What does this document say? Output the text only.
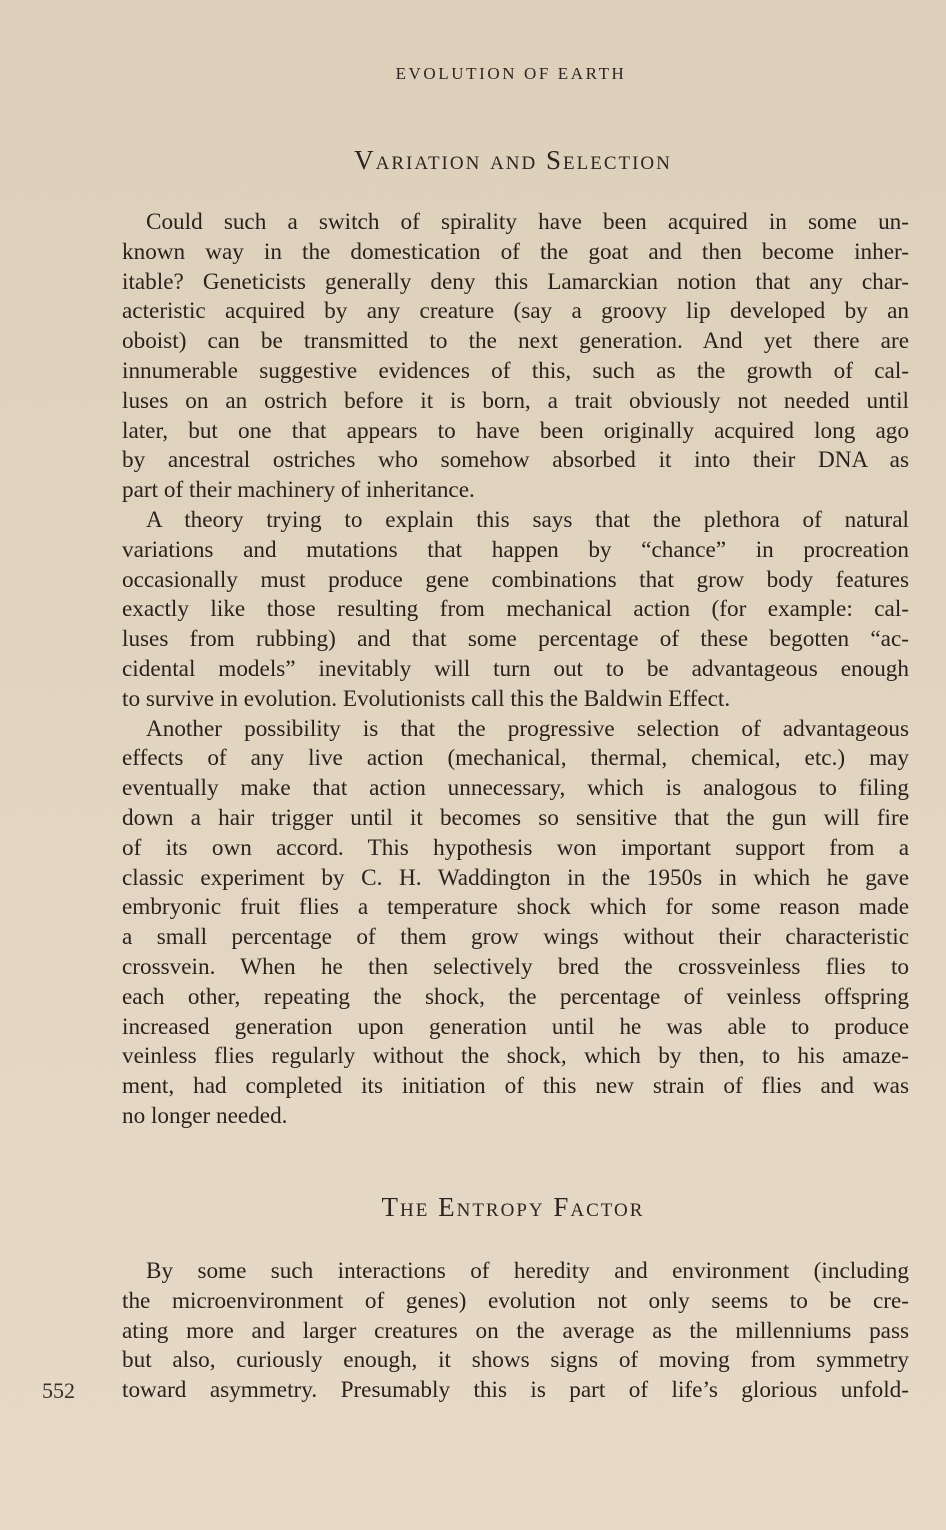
EVOLUTION OF EARTH
Variation and Selection
Could such a switch of spirality have been acquired in some un-
known way in the domestication of the goat and then become inher-
itable? Geneticists generally deny this Lamarckian notion that any char-
acteristic acquired by any creature (say a groovy lip developed by an
oboist) can be transmitted to the next generation. And yet there are
innumerable suggestive evidences of this, such as the growth of cal-
luses on an ostrich before it is born, a trait obviously not needed until
later, but one that appears to have been originally acquired long ago
by ancestral ostriches who somehow absorbed it into their DNA as
part of their machinery of inheritance.
A theory trying to explain this says that the plethora of natural
variations and mutations that happen by “chance” in procreation
occasionally must produce gene combinations that grow body features
exactly like those resulting from mechanical action (for example: cal-
luses from rubbing) and that some percentage of these begotten “ac-
cidental models” inevitably will turn out to be advantageous enough
to survive in evolution. Evolutionists call this the Baldwin Effect.
Another possibility is that the progressive selection of advantageous
effects of any live action (mechanical, thermal, chemical, etc.) may
eventually make that action unnecessary, which is analogous to filing
down a hair trigger until it becomes so sensitive that the gun will fire
of its own accord. This hypothesis won important support from a
classic experiment by C. H. Waddington in the 1950s in which he gave
embryonic fruit flies a temperature shock which for some reason made
a small percentage of them grow wings without their characteristic
crossvein. When he then selectively bred the crossveinless flies to
each other, repeating the shock, the percentage of veinless offspring
increased generation upon generation until he was able to produce
veinless flies regularly without the shock, which by then, to his amaze-
ment, had completed its initiation of this new strain of flies and was
no longer needed.
The Entropy Factor
By some such interactions of heredity and environment (including
the microenvironment of genes) evolution not only seems to be cre-
ating more and larger creatures on the average as the millenniums pass
but also, curiously enough, it shows signs of moving from symmetry
toward asymmetry. Presumably this is part of life’s glorious unfold-
552
